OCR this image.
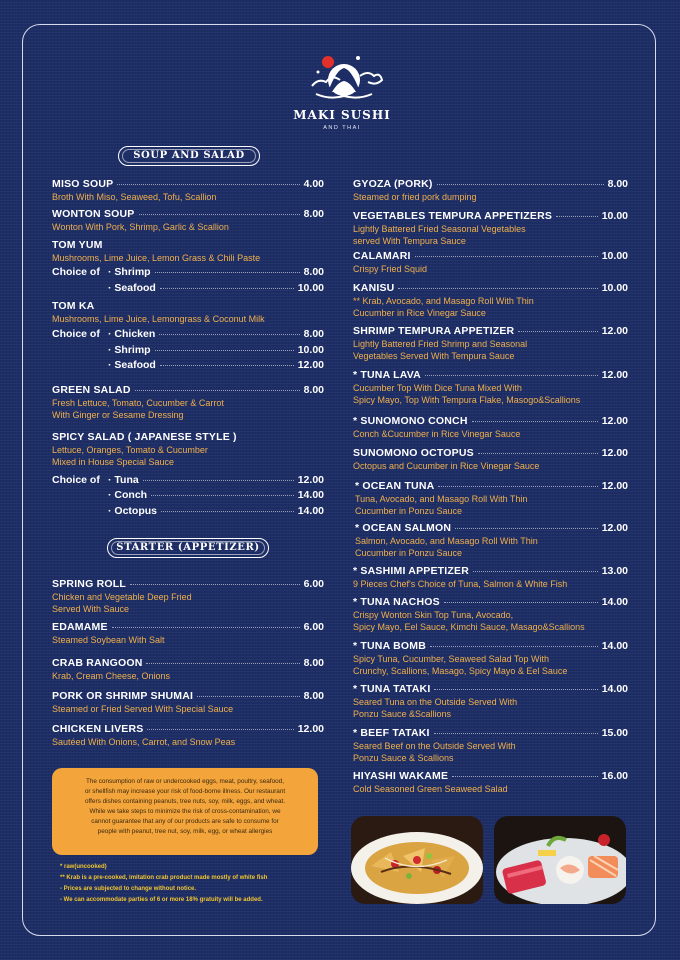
MAKI SUSHI
AND THAI
SOUP AND SALAD
STARTER (APPETIZER)
MISO SOUP	4.00
Broth With Miso, Seaweed, Tofu, Scallion
WONTON SOUP	8.00
Wonton With Pork, Shrimp, Garlic & Scallion
TOM YUM
Mushrooms, Lime Juice, Lemon Grass & Chili Paste
Choice of · Shrimp	8.00
· Seafood	10.00
TOM KA
Mushrooms, Lime Juice, Lemongrass & Coconut Milk
Choice of · Chicken	8.00
· Shrimp	10.00
· Seafood	12.00
GREEN SALAD	8.00
Fresh Lettuce, Tomato, Cucumber & Carrot
With Ginger or Sesame Dressing
SPICY SALAD ( JAPANESE STYLE )
Lettuce, Oranges, Tomato & Cucumber
Mixed in House Special Sauce
Choice of · Tuna	12.00
· Conch	14.00
· Octopus	14.00
SPRING ROLL	6.00
Chicken and Vegetable Deep Fried
Served With Sauce
EDAMAME	6.00
Steamed Soybean With Salt
CRAB RANGOON	8.00
Krab, Cream Cheese, Onions
PORK OR SHRIMP SHUMAI	8.00
Steamed or Fried Served With Special Sauce
CHICKEN LIVERS	12.00
Sautéed With Onions, Carrot, and Snow Peas
GYOZA (PORK)	8.00
Steamed or fried pork dumping
VEGETABLES TEMPURA APPETIZERS	10.00
Lightly Battered Fried Seasonal Vegetables
served With Tempura Sauce
CALAMARI	10.00
Crispy Fried Squid
KANISU	10.00
** Krab, Avocado, and Masago Roll With Thin
Cucumber in Rice Vinegar Sauce
SHRIMP TEMPURA APPETIZER	12.00
Lightly Battered Fried Shrimp and Seasonal
Vegetables Served With Tempura Sauce
* TUNA LAVA	12.00
Cucumber Top With Dice Tuna Mixed With
Spicy Mayo, Top With Tempura Flake, Masogo&Scallions
* SUNOMONO CONCH	12.00
Conch &Cucumber in Rice Vinegar Sauce
SUNOMONO OCTOPUS	12.00
Octopus and Cucumber in Rice Vinegar Sauce
* OCEAN TUNA	12.00
Tuna, Avocado, and Masago Roll With Thin
Cucumber in Ponzu Sauce
* OCEAN SALMON	12.00
Salmon, Avocado, and Masago Roll With Thin
Cucumber in Ponzu Sauce
* SASHIMI APPETIZER	13.00
9 Pieces Chef's Choice of Tuna, Salmon & White Fish
* TUNA NACHOS	14.00
Crispy Wonton Skin Top Tuna, Avocado,
Spicy Mayo, Eel Sauce, Kimchi Sauce, Masago&Scallions
* TUNA BOMB	14.00
Spicy Tuna, Cucumber, Seaweed Salad Top With
Crunchy, Scallions, Masago, Spicy Mayo & Eel Sauce
* TUNA TATAKI	14.00
Seared Tuna on the Outside Served With
Ponzu Sauce &Scallions
* BEEF TATAKI	15.00
Seared Beef on the Outside Served With
Ponzu Sauce & Scallions
HIYASHI WAKAME	16.00
Cold Seasoned Green Seaweed Salad
The consumption of raw or undercooked eggs, meat, poultry, seafood,
or shellfish may increase your risk of food-borne illness. Our restaurant
offers dishes containing peanuts, tree nuts, soy, milk, eggs, and wheat.
While we take steps to minimize the risk of cross-contamination, we
cannot guarantee that any of our products are safe to consume for
people with peanut, tree nut, soy, milk, egg, or wheat allergies
* raw(uncooked)
** Krab is a pre-cooked, imitation crab product made mostly of white fish
- Prices are subjected to change without notice.
- We can accommodate parties of 6 or more 18% gratuity will be added.
